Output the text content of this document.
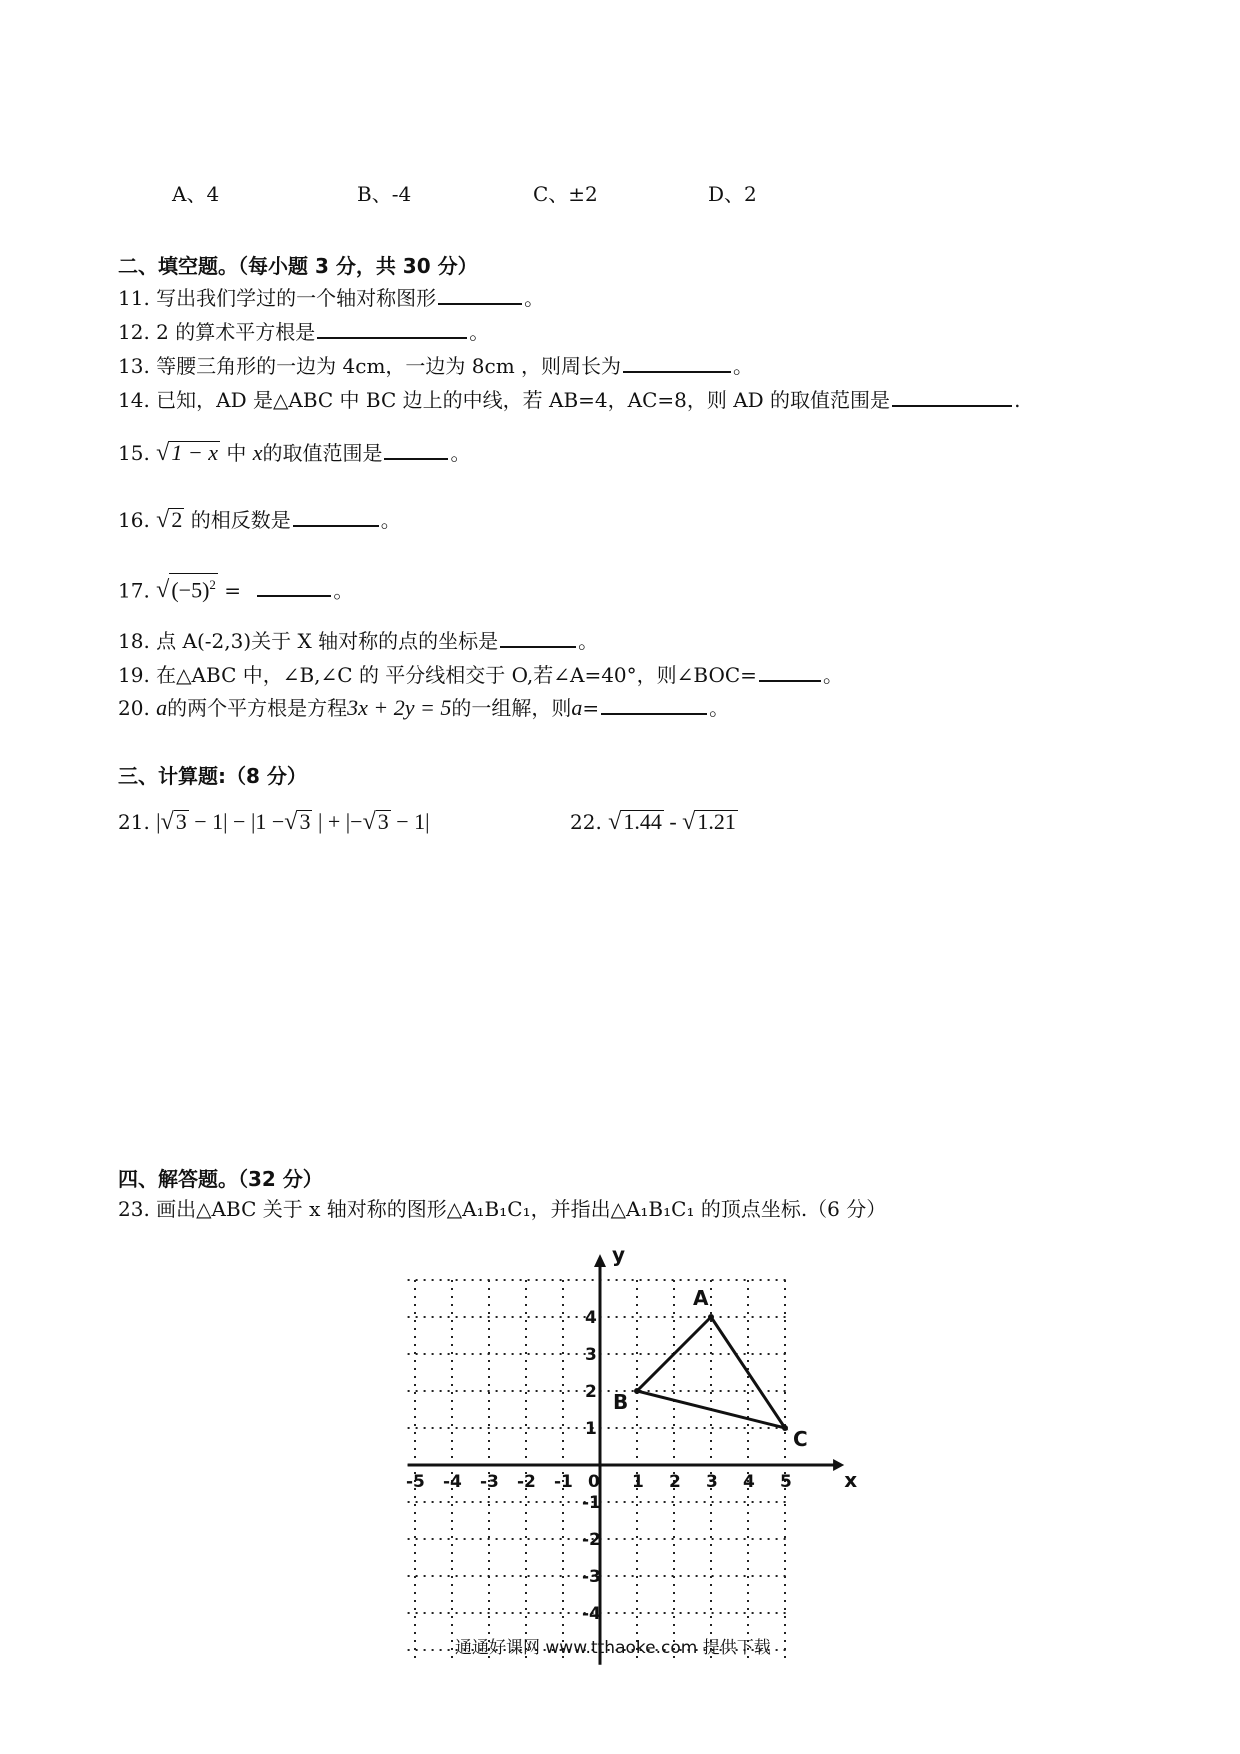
A、4	B、-4	C、±2	D、2
二、填空题。（每小题 3 分，共 30 分）
11. 写出我们学过的一个轴对称图形	。
12. 2 的算术平方根是	。
13. 等腰三角形的一边为 4cm，一边为 8cm ，则周长为	。
14. 已知，AD 是△ABC 中 BC 边上的中线，若 AB=4，AC=8，则 AD 的取值范围是	.
15. √1 − x 中 x的取值范围是	。
16. √2 的相反数是	。
17. $√(-5)^2$ =	。
18. 点 A(-2,3)关于 X 轴对称的点的坐标是	。
19. 在△ABC 中，∠B,∠C 的 平分线相交于 O,若∠A=40°，则∠BOC=	。
20. a的两个平方根是方程3x + 2y = 5的一组解，则a=	。
三、计算题:（8 分）
21. |√3 − 1| − |1 −√3 | + |−√3 − 1|	22. √1.44 - √1.21
四、解答题。（32 分）
23. 画出△ABC 关于 x 轴对称的图形△A₁B₁C₁，并指出△A₁B₁C₁ 的顶点坐标.（6 分）
x
y
0
-5 -4 -3 -2 -1	1 2 3 4 5
4
3
2
1
-1
-2
-3
-4
A
B
C
通通好课网 www.tthaoke.com 提供下载
